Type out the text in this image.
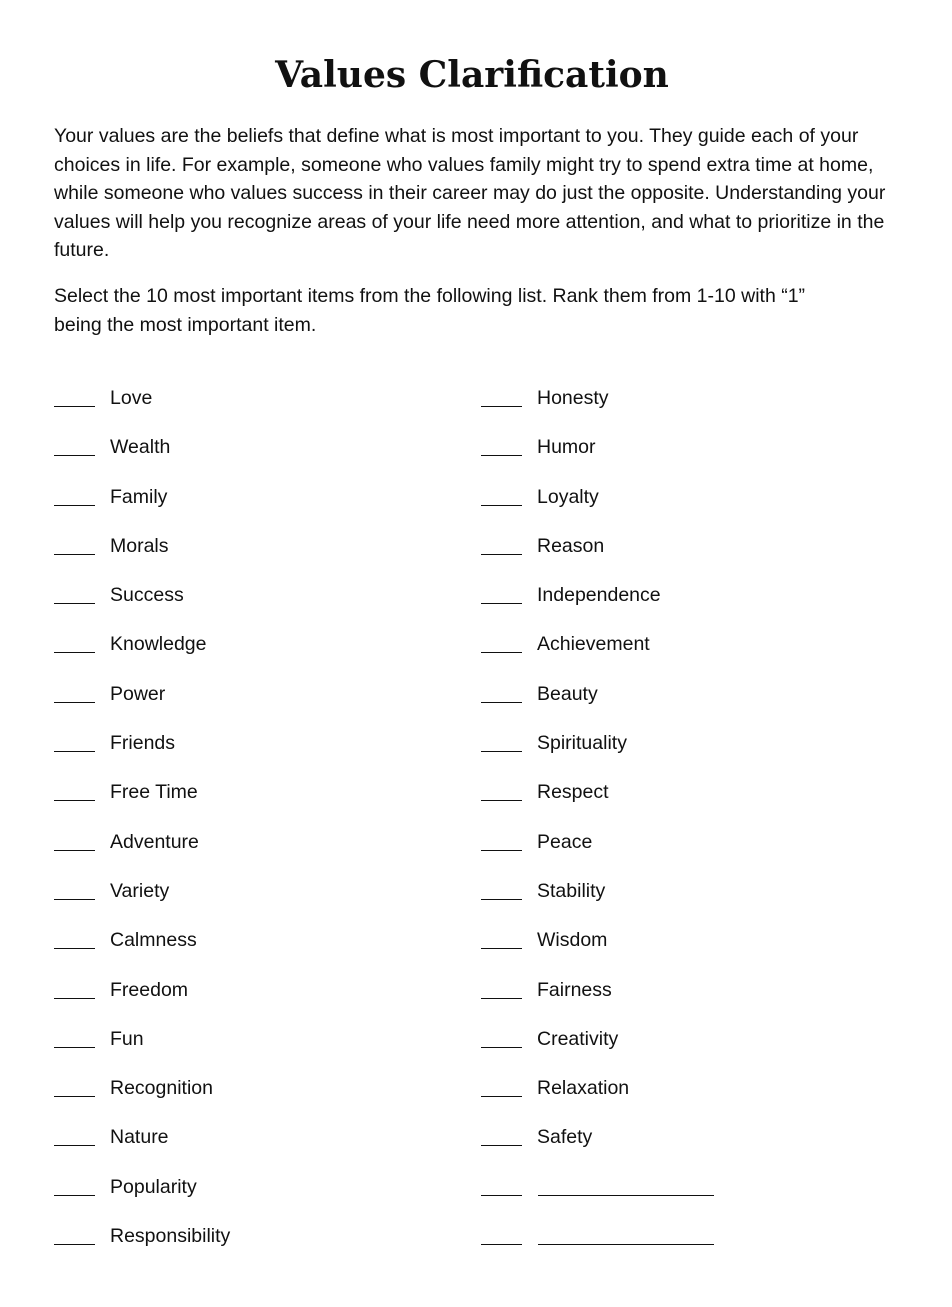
Values Clarification

Your values are the beliefs that define what is most important to you. They guide each of your choices in life. For example, someone who values family might try to spend extra time at home, while someone who values success in their career may do just the opposite. Understanding your values will help you recognize areas of your life need more attention, and what to prioritize in the future.

Select the 10 most important items from the following list. Rank them from 1-10 with “1” being the most important item.

Love
Wealth
Family
Morals
Success
Knowledge
Power
Friends
Free Time
Adventure
Variety
Calmness
Freedom
Fun
Recognition
Nature
Popularity
Responsibility
Honesty
Humor
Loyalty
Reason
Independence
Achievement
Beauty
Spirituality
Respect
Peace
Stability
Wisdom
Fairness
Creativity
Relaxation
Safety
